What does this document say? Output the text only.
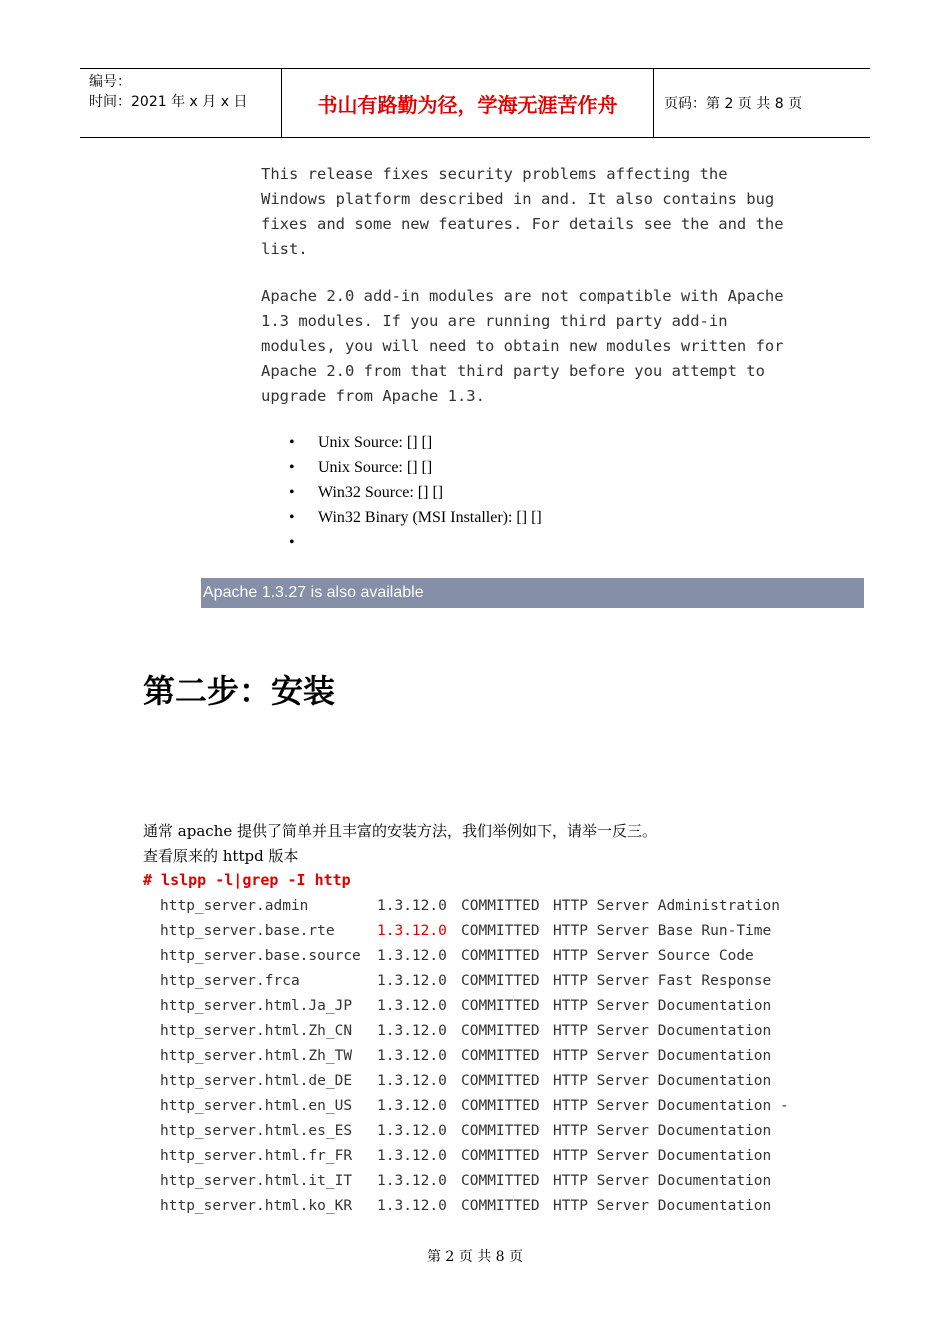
编号：
时间：2021 年 x 月 x 日	书山有路勤为径，学海无涯苦作舟	页码：第 2 页 共 8 页

This release fixes security problems affecting the
Windows platform described in and. It also contains bug
fixes and some new features. For details see the and the
list.

Apache 2.0 add-in modules are not compatible with Apache
1.3 modules. If you are running third party add-in
modules, you will need to obtain new modules written for
Apache 2.0 from that third party before you attempt to
upgrade from Apache 1.3.

• Unix Source: [] []
• Unix Source: [] []
• Win32 Source: [] []
• Win32 Binary (MSI Installer): [] []
•
Apache 1.3.27 is also available
第二步：安装
通常 apache 提供了简单并且丰富的安装方法，我们举例如下，请举一反三。
查看原来的 httpd 版本
# lslpp -l|grep -I http
http_server.admin	1.3.12.0 COMMITTED HTTP Server Administration
http_server.base.rte	1.3.12.0 COMMITTED HTTP Server Base Run-Time
http_server.base.source 1.3.12.0 COMMITTED HTTP Server Source Code
http_server.frca	1.3.12.0 COMMITTED HTTP Server Fast Response
http_server.html.Ja_JP 1.3.12.0 COMMITTED HTTP Server Documentation
http_server.html.Zh_CN 1.3.12.0 COMMITTED HTTP Server Documentation
http_server.html.Zh_TW 1.3.12.0 COMMITTED HTTP Server Documentation
http_server.html.de_DE 1.3.12.0 COMMITTED HTTP Server Documentation
http_server.html.en_US 1.3.12.0 COMMITTED HTTP Server Documentation -
http_server.html.es_ES 1.3.12.0 COMMITTED HTTP Server Documentation
http_server.html.fr_FR 1.3.12.0 COMMITTED HTTP Server Documentation
http_server.html.it_IT 1.3.12.0 COMMITTED HTTP Server Documentation
http_server.html.ko_KR 1.3.12.0 COMMITTED HTTP Server Documentation
第 2 页 共 8 页
